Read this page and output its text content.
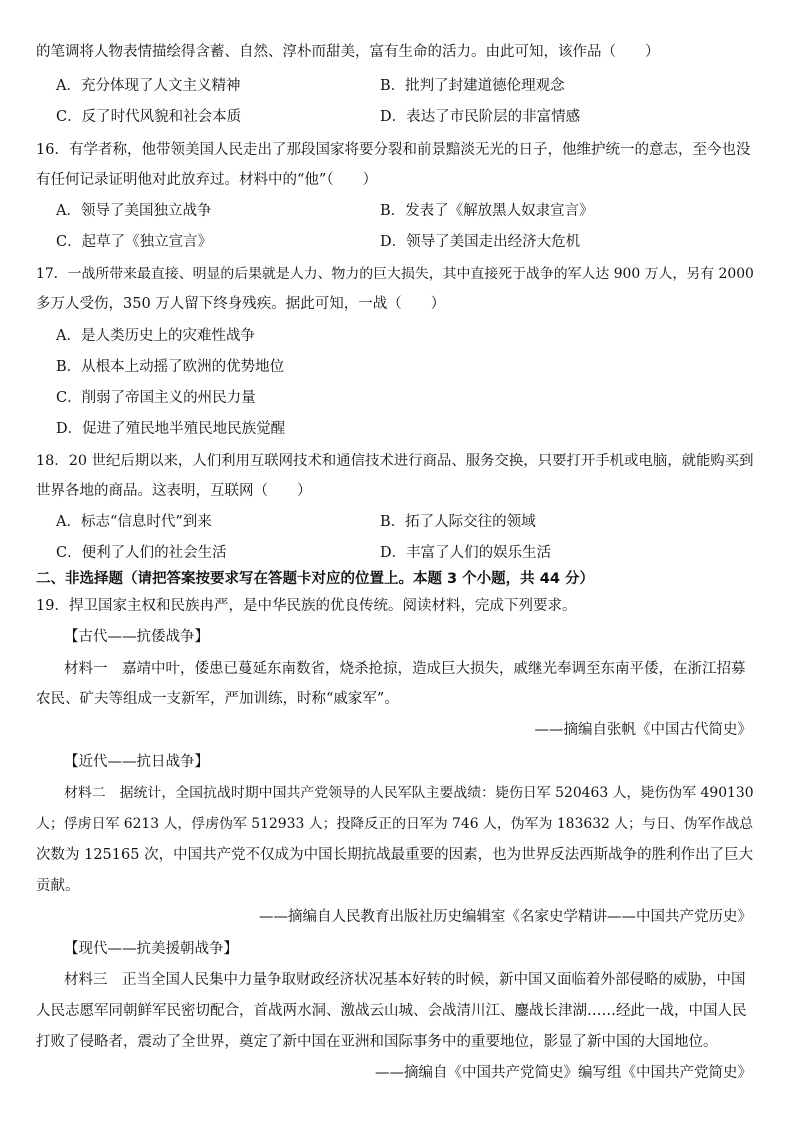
的笔调将人物表情描绘得含蓄、自然、淳朴而甜美，富有生命的活力。由此可知，该作品（　　）
A．充分体现了人文主义精神	B．批判了封建道德伦理观念
C．反了时代风貌和社会本质	D．表达了市民阶层的非富情感
16．有学者称，他带领美国人民走出了那段国家将要分裂和前景黯淡无光的日子，他维护统一的意志，至今也没
有任何记录证明他对此放弃过。材料中的“他”（　　）
A．领导了美国独立战争	B．发表了《解放黑人奴隶宣言》
C．起草了《独立宣言》	D．领导了美国走出经济大危机
17．一战所带来最直接、明显的后果就是人力、物力的巨大损失，其中直接死于战争的军人达 900 万人，另有 2000
多万人受伤，350 万人留下终身残疾。据此可知，一战（　　）
A．是人类历史上的灾难性战争
B．从根本上动摇了欧洲的优势地位
C．削弱了帝国主义的州民力量
D．促进了殖民地半殖民地民族觉醒
18．20 世纪后期以来，人们利用互联网技术和通信技术进行商品、服务交换，只要打开手机或电脑，就能购买到
世界各地的商品。这表明，互联网（　　）
A．标志“信息时代”到来	B．拓了人际交往的领域
C．便利了人们的社会生活	D．丰富了人们的娱乐生活
二、非选择题（请把答案按要求写在答题卡对应的位置上。本题 3 个小题，共 44 分）
19．捍卫国家主权和民族冉严，是中华民族的优良传统。阅读材料，完成下列要求。
【古代——抗倭战争】
材料一　嘉靖中叶，倭患已蔓延东南数省，烧杀抢掠，造成巨大损失，戚继光奉调至东南平倭，在浙江招募
农民、矿夫等组成一支新军，严加训练，时称“戚家军”。
——摘编自张帆《中国古代简史》
【近代——抗日战争】
材料二　据统计，全国抗战时期中国共产党领导的人民军队主要战绩：毙伤日军 520463 人，毙伤伪军 490130
人；俘虏日军 6213 人，俘虏伪军 512933 人；投降反正的日军为 746 人，伪军为 183632 人；与日、伪军作战总
次数为 125165 次，中国共产党不仅成为中国长期抗战最重要的因素，也为世界反法西斯战争的胜利作出了巨大
贡献。
——摘编自人民教育出版社历史编辑室《名家史学精讲——中国共产党历史》
【现代——抗美援朝战争】
材料三　正当全国人民集中力量争取财政经济状况基本好转的时候，新中国又面临着外部侵略的威胁，中国
人民志愿军同朝鲜军民密切配合，首战两水洞、激战云山城、会战清川江、鏖战长津湖……经此一战，中国人民
打败了侵略者，震动了全世界，奠定了新中国在亚洲和国际事务中的重要地位，影显了新中国的大国地位。
——摘编自《中国共产党简史》编写组《中国共产党简史》
